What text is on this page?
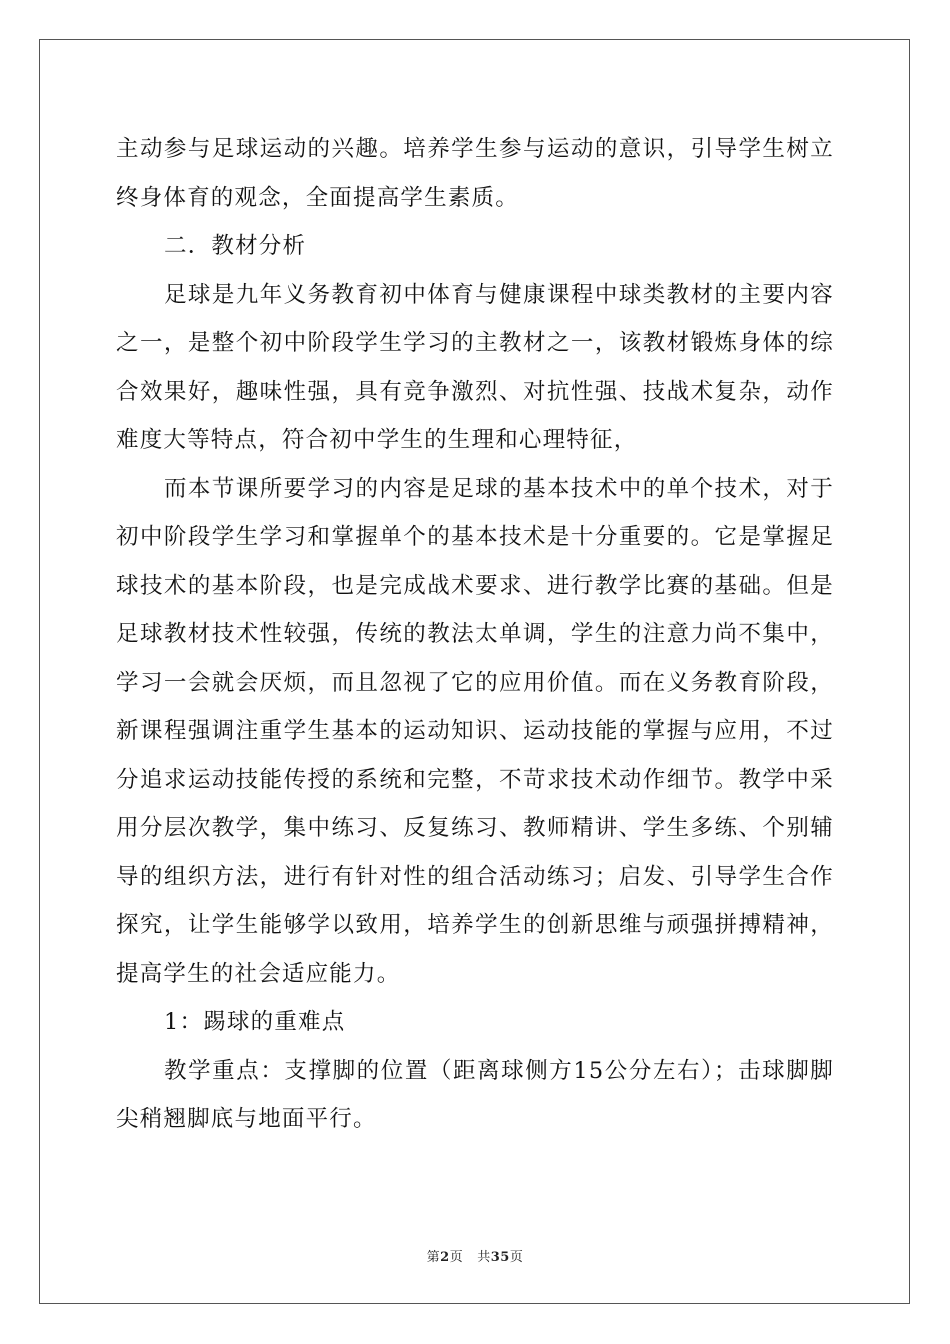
主动参与足球运动的兴趣。培养学生参与运动的意识，引导学生树立终身体育的观念，全面提高学生素质。

二．教材分析

足球是九年义务教育初中体育与健康课程中球类教材的主要内容之一，是整个初中阶段学生学习的主教材之一，该教材锻炼身体的综合效果好，趣味性强，具有竞争激烈、对抗性强、技战术复杂，动作难度大等特点，符合初中学生的生理和心理特征，

而本节课所要学习的内容是足球的基本技术中的单个技术，对于初中阶段学生学习和掌握单个的基本技术是十分重要的。它是掌握足球技术的基本阶段，也是完成战术要求、进行教学比赛的基础。但是足球教材技术性较强，传统的教法太单调，学生的注意力尚不集中，学习一会就会厌烦，而且忽视了它的应用价值。而在义务教育阶段，新课程强调注重学生基本的运动知识、运动技能的掌握与应用，不过分追求运动技能传授的系统和完整，不苛求技术动作细节。教学中采用分层次教学，集中练习、反复练习、教师精讲、学生多练、个别辅导的组织方法，进行有针对性的组合活动练习；启发、引导学生合作探究，让学生能够学以致用，培养学生的创新思维与顽强拼搏精神，提高学生的社会适应能力。

1：踢球的重难点

教学重点：支撑脚的位置（距离球侧方15公分左右）；击球脚脚尖稍翘脚底与地面平行。

第2页 共35页
